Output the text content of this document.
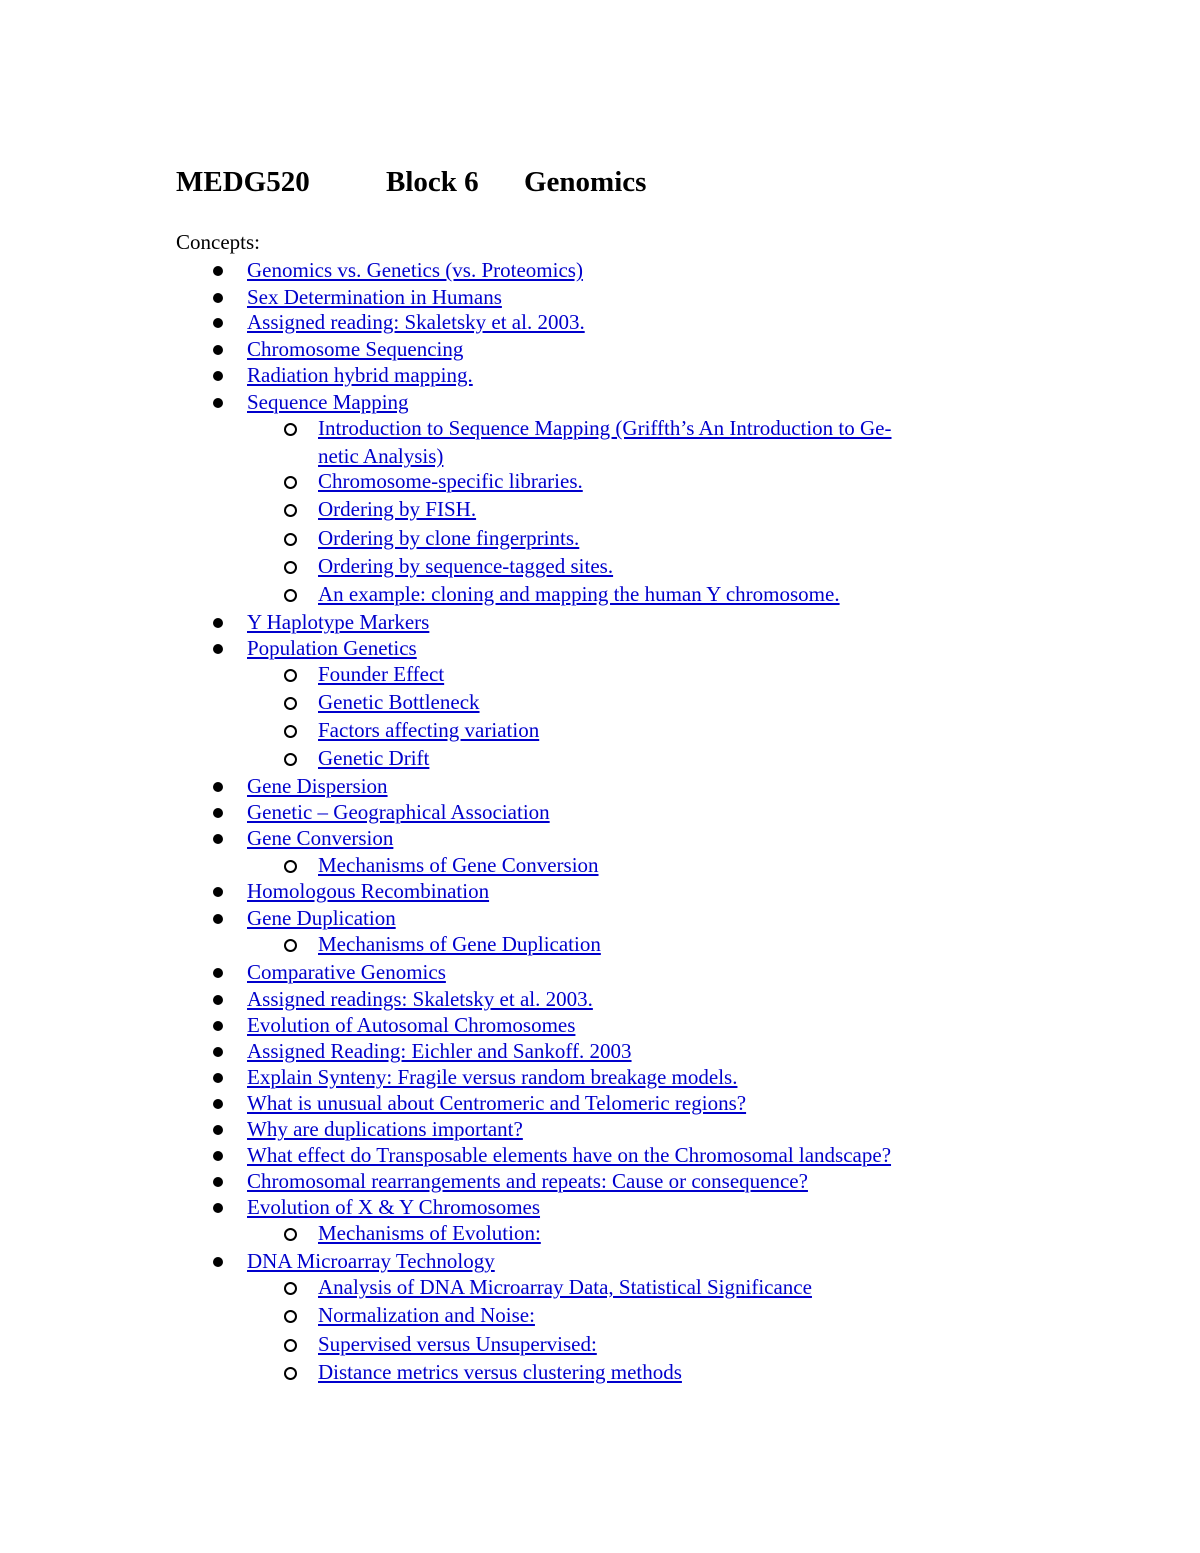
MEDG520	Block 6 Genomics
Concepts:
Genomics vs. Genetics (vs. Proteomics)
Sex Determination in Humans
Assigned reading: Skaletsky et al. 2003.
Chromosome Sequencing
Radiation hybrid mapping.
Sequence Mapping
Introduction to Sequence Mapping (Griffth’s An Introduction to Ge-
netic Analysis)
Chromosome-specific libraries.
Ordering by FISH.
Ordering by clone fingerprints.
Ordering by sequence-tagged sites.
An example: cloning and mapping the human Y chromosome.
Y Haplotype Markers
Population Genetics
Founder Effect
Genetic Bottleneck
Factors affecting variation
Genetic Drift
Gene Dispersion
Genetic – Geographical Association
Gene Conversion
Mechanisms of Gene Conversion
Homologous Recombination
Gene Duplication
Mechanisms of Gene Duplication
Comparative Genomics
Assigned readings: Skaletsky et al. 2003.
Evolution of Autosomal Chromosomes
Assigned Reading: Eichler and Sankoff. 2003
Explain Synteny: Fragile versus random breakage models.
What is unusual about Centromeric and Telomeric regions?
Why are duplications important?
What effect do Transposable elements have on the Chromosomal landscape?
Chromosomal rearrangements and repeats: Cause or consequence?
Evolution of X & Y Chromosomes
Mechanisms of Evolution:
DNA Microarray Technology
Analysis of DNA Microarray Data, Statistical Significance
Normalization and Noise:
Supervised versus Unsupervised:
Distance metrics versus clustering methods
